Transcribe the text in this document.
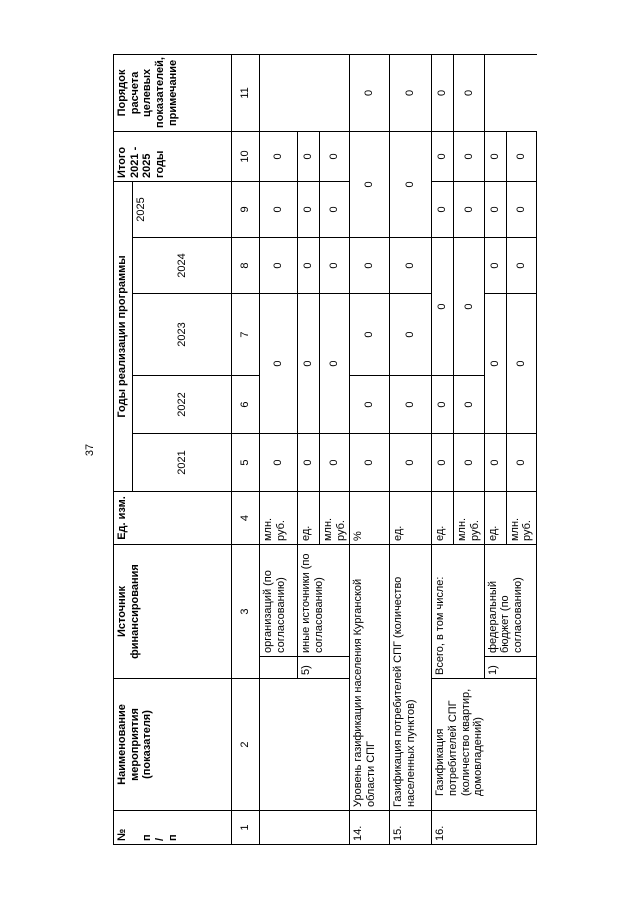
37
№ п
/
п	Наименование мероприятия (показателя)	Источник финансирования		Ед. изм.	Годы реализации программы					Итого 2021 - 2025 годы	Порядок расчета целевых показателей, примечание	
					2021	2022	2023	2024	2025			
1	2	3		4	5	6	7	8	9	10	11	
			организаций (по согласованию)	млн. руб.	0	0		0	0	0		
		5)	иные источники (по согласованию)	ед.	0	0		0	0	0		
				млн. руб.	0	0		0	0	0		
14.	Уровень газификации населения Курганской области СПГ			%	0	0	0	0	0		0	
15.	Газификация потребителей СПГ (количество населенных пунктов)			ед.	0	0	0	0	0		0	
16.	Газификация потребителей СПГ (количество квартир, домовладений)	Всего, в том числе:		ед.	0	0	0		0	0	0	
				млн. руб.	0	0	0		0	0	0	
		1)	федеральный бюджет (по согласованию)	ед.	0	0		0	0	0		
				млн. руб.	0	0		0	0	0		
